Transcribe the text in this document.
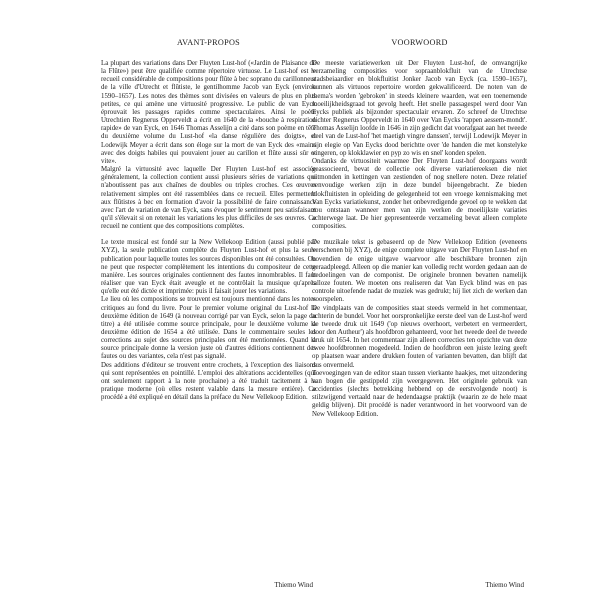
AVANT-PROPOS

La plupart des variations dans Der Fluyten Lust-hof («Jardin de Plaisance de la Flûte») peut être qualifiée comme répertoire virtuose. Le Lust-hof est le recueil considérable de compositions pour flûte à bec soprano du carillonneur de la ville d'Utrecht et flûtiste, le gentilhomme Jacob van Eyck (environ 1590–1657). Les notes des thèmes sont divisées en valeurs de plus en plus petites, ce qui amène une virtuosité progressive. Le public de van Eyck éprouvait les passages rapides comme spectaculaires. Ainsi le poète Utrechtien Regnerus Opperveldt a écrit en 1640 de la «bouche à respiration rapide» de van Eyck, en 1646 Thomas Asselijn a cité dans son poème en tête du deuxième volume du Lust-hof «la danse régulière des doigts», et Lodewijk Meyer a écrit dans son éloge sur la mort de van Eyck des «mains avec des doigts habiles qui pouvaient jouer au carillon et flûte aussi sûr et vite».

Malgré la virtuosité avec laquelle Der Fluyten Lust-hof est associée généralement, la collection contient aussi plusieurs séries de variations qui n'aboutissent pas aux chaînes de doubles ou triples croches. Ces œuvres relativement simples ont été rassemblées dans ce recueil. Elles permettent aux flûtistes à bec en formation d'avoir la possibilité de faire connaissance avec l'art de variation de van Eyck, sans évoquer le sentiment peu satisfaisant qu'il s'élevait si on retenait les variations les plus difficiles de ses œuvres. Ce recueil ne contient que des compositions complètes.

Le texte musical est fondé sur la New Vellekoop Edition (aussi publié par XYZ), la seule publication complète du Fluyten Lust-hof et plus la seule publication pour laquelle toutes les sources disponibles ont été consultées. On ne peut que respecter complètement les intentions du compositeur de cette manière. Les sources originales contiennent des fautes innombrables. Il faut réaliser que van Eyck était aveugle et ne contrôlait la musique qu'après qu'elle eut été dictée et imprimée: puis il faisait jouer les variations.

Le lieu où les compositions se trouvent est toujours mentionné dans les notes critiques au fond du livre. Pour le premier volume original du Lust-hof la deuxième édition de 1649 (à nouveau corrigé par van Eyck, selon la page du titre) a été utilisée comme source principale, pour le deuxième volume la deuxième édition de 1654 a été utilisée. Dans le commentaire seules les corrections au sujet des sources principales ont été mentionnées. Quand la source principale donne la version juste où d'autres éditions contiennent des fautes ou des variantes, cela n'est pas signalé.

Des additions d'éditeur se trouvent entre crochets, à l'exception des liaisons qui sont représentées en pointillé. L'emploi des altérations accidentelles (qui ont seulement rapport à la note prochaine) a été traduit tacitement à la pratique moderne (où elles restent valable dans la mesure entière). Ce procédé a été expliqué en détail dans la préface du New Vellekoop Edition.

Thiemo Wind
VOORWOORD

De meeste variatiewerken uit Der Fluyten Lust-hof, de omvangrijke verzameling composities voor sopraanblokfluit van de Utrechtse stadsbeiaardier en blokfluitist Jonker Jacob van Eyck (ca. 1590–1657), kunnen als virtuoos repertoire worden gekwalificeerd. De noten van de thema's worden 'gebroken' in steeds kleinere waarden, wat een toenemende moeilijkheidsgraad tot gevolg heeft. Het snelle passagespel werd door Van Eycks publiek als bijzonder spectaculair ervaren. Zo schreef de Utrechtse dichter Regnerus Opperveldt in 1640 over Van Eycks 'rappen aessem-mondt'. Thomas Asselijn loofde in 1646 in zijn gedicht dat voorafgaat aan het tweede deel van de Lust-hof 'het maetigh vingre danssen', terwijl Lodewijk Meyer in zijn elegie op Van Eycks dood berichtte over 'de handen die met konstelyke vingeren, op klokklawier en pyp zo wis en snel' konden spelen.

Ondanks de virtuositeit waarmee Der Fluyten Lust-hof doorgaans wordt geassocieerd, bevat de collectie ook diverse variatiereeksen die niet uitmonden in kettingen van zestienden of nog snellere noten. Deze relatief eenvoudige werken zijn in deze bundel bijeengebracht. Ze bieden blokfluitisten in opleiding de gelegenheid tot een vroege kennismaking met Van Eycks variatiekunst, zonder het onbevredigende gevoel op te wekken dat zou ontstaan wanneer men van zijn werken de moeilijkste variaties achterwege laat. De hier gepresenteerde verzameling bevat alleen complete composities.

De muzikale tekst is gebaseerd op de New Vellekoop Edition (eveneens verschenen bij XYZ), de enige complete uitgave van Der Fluyten Lust-hof en bovendien de enige uitgave waarvoor alle beschikbare bronnen zijn geraadpleegd. Alleen op die manier kan volledig recht worden gedaan aan de bedoelingen van de componist. De originele bronnen bevatten namelijk talloze fouten. We moeten ons realiseren dat Van Eyck blind was en pas controle uitoefende nadat de muziek was gedrukt; hij liet zich de werken dan voorspelen.

De vindplaats van de composities staat steeds vermeld in het commentaar, achterin de bundel. Voor het oorspronkelijke eerste deel van de Lust-hof werd de tweede druk uit 1649 ('op nieuws overhoort, verbetert en vermeerdert, door den Autheur') als hoofdbron gehanteerd, voor het tweede deel de tweede druk uit 1654. In het commentaar zijn alleen correcties ten opzichte van deze twee hoofdbronnen mogedeeld. Indien de hoofdbron een juiste lezing geeft op plaatsen waar andere drukken fouten of varianten bevatten, dan blijft dat dus onvermeld.

Toevoegingen van de editor staan tussen vierkante haakjes, met uitzondering van bogen die gestippeld zijn weergegeven. Het originele gebruik van accidenties (slechts betrekking hebbend op de eerstvolgende noot) is stilzwijgend vertaald naar de hedendaagse praktijk (waarin ze de hele maat geldig blijven). Dit procédé is nader verantwoord in het voorwoord van de New Vellekoop Edition.

Thiemo Wind
